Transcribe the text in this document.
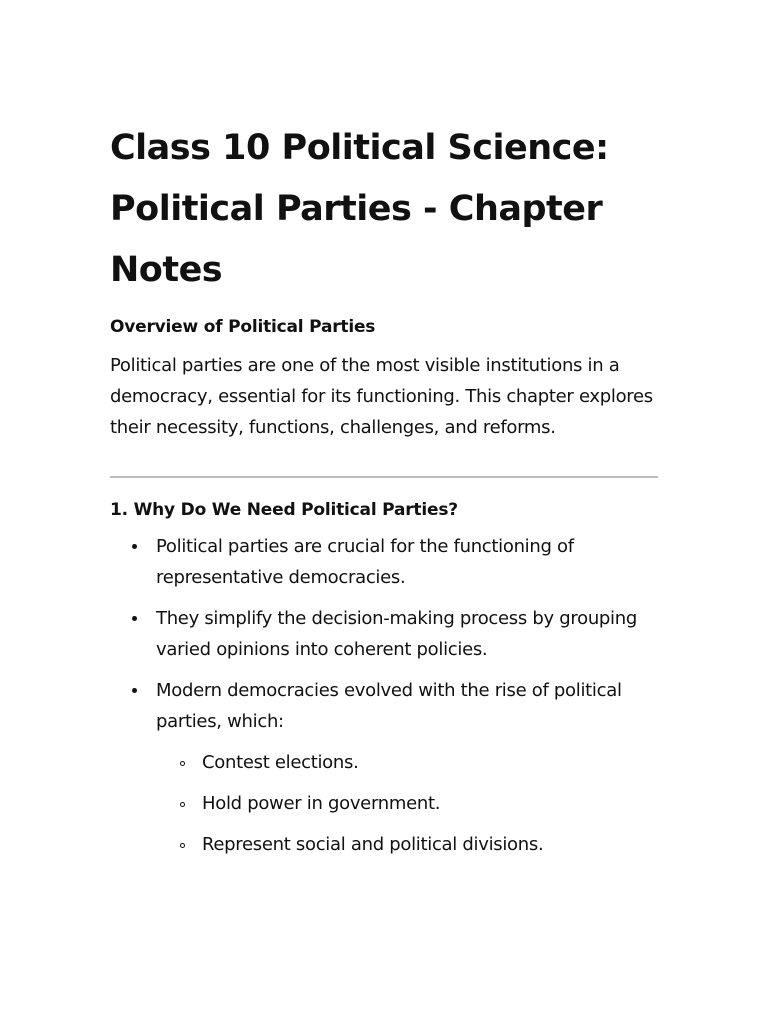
Class 10 Political Science:
Political Parties - Chapter
Notes
Overview of Political Parties

Political parties are one of the most visible institutions in a democracy, essential for its functioning. This chapter explores their necessity, functions, challenges, and reforms.

1. Why Do We Need Political Parties?
Political parties are crucial for the functioning of representative democracies.
They simplify the decision-making process by grouping varied opinions into coherent policies.
Modern democracies evolved with the rise of political parties, which:
Contest elections.
Hold power in government.
Represent social and political divisions.
